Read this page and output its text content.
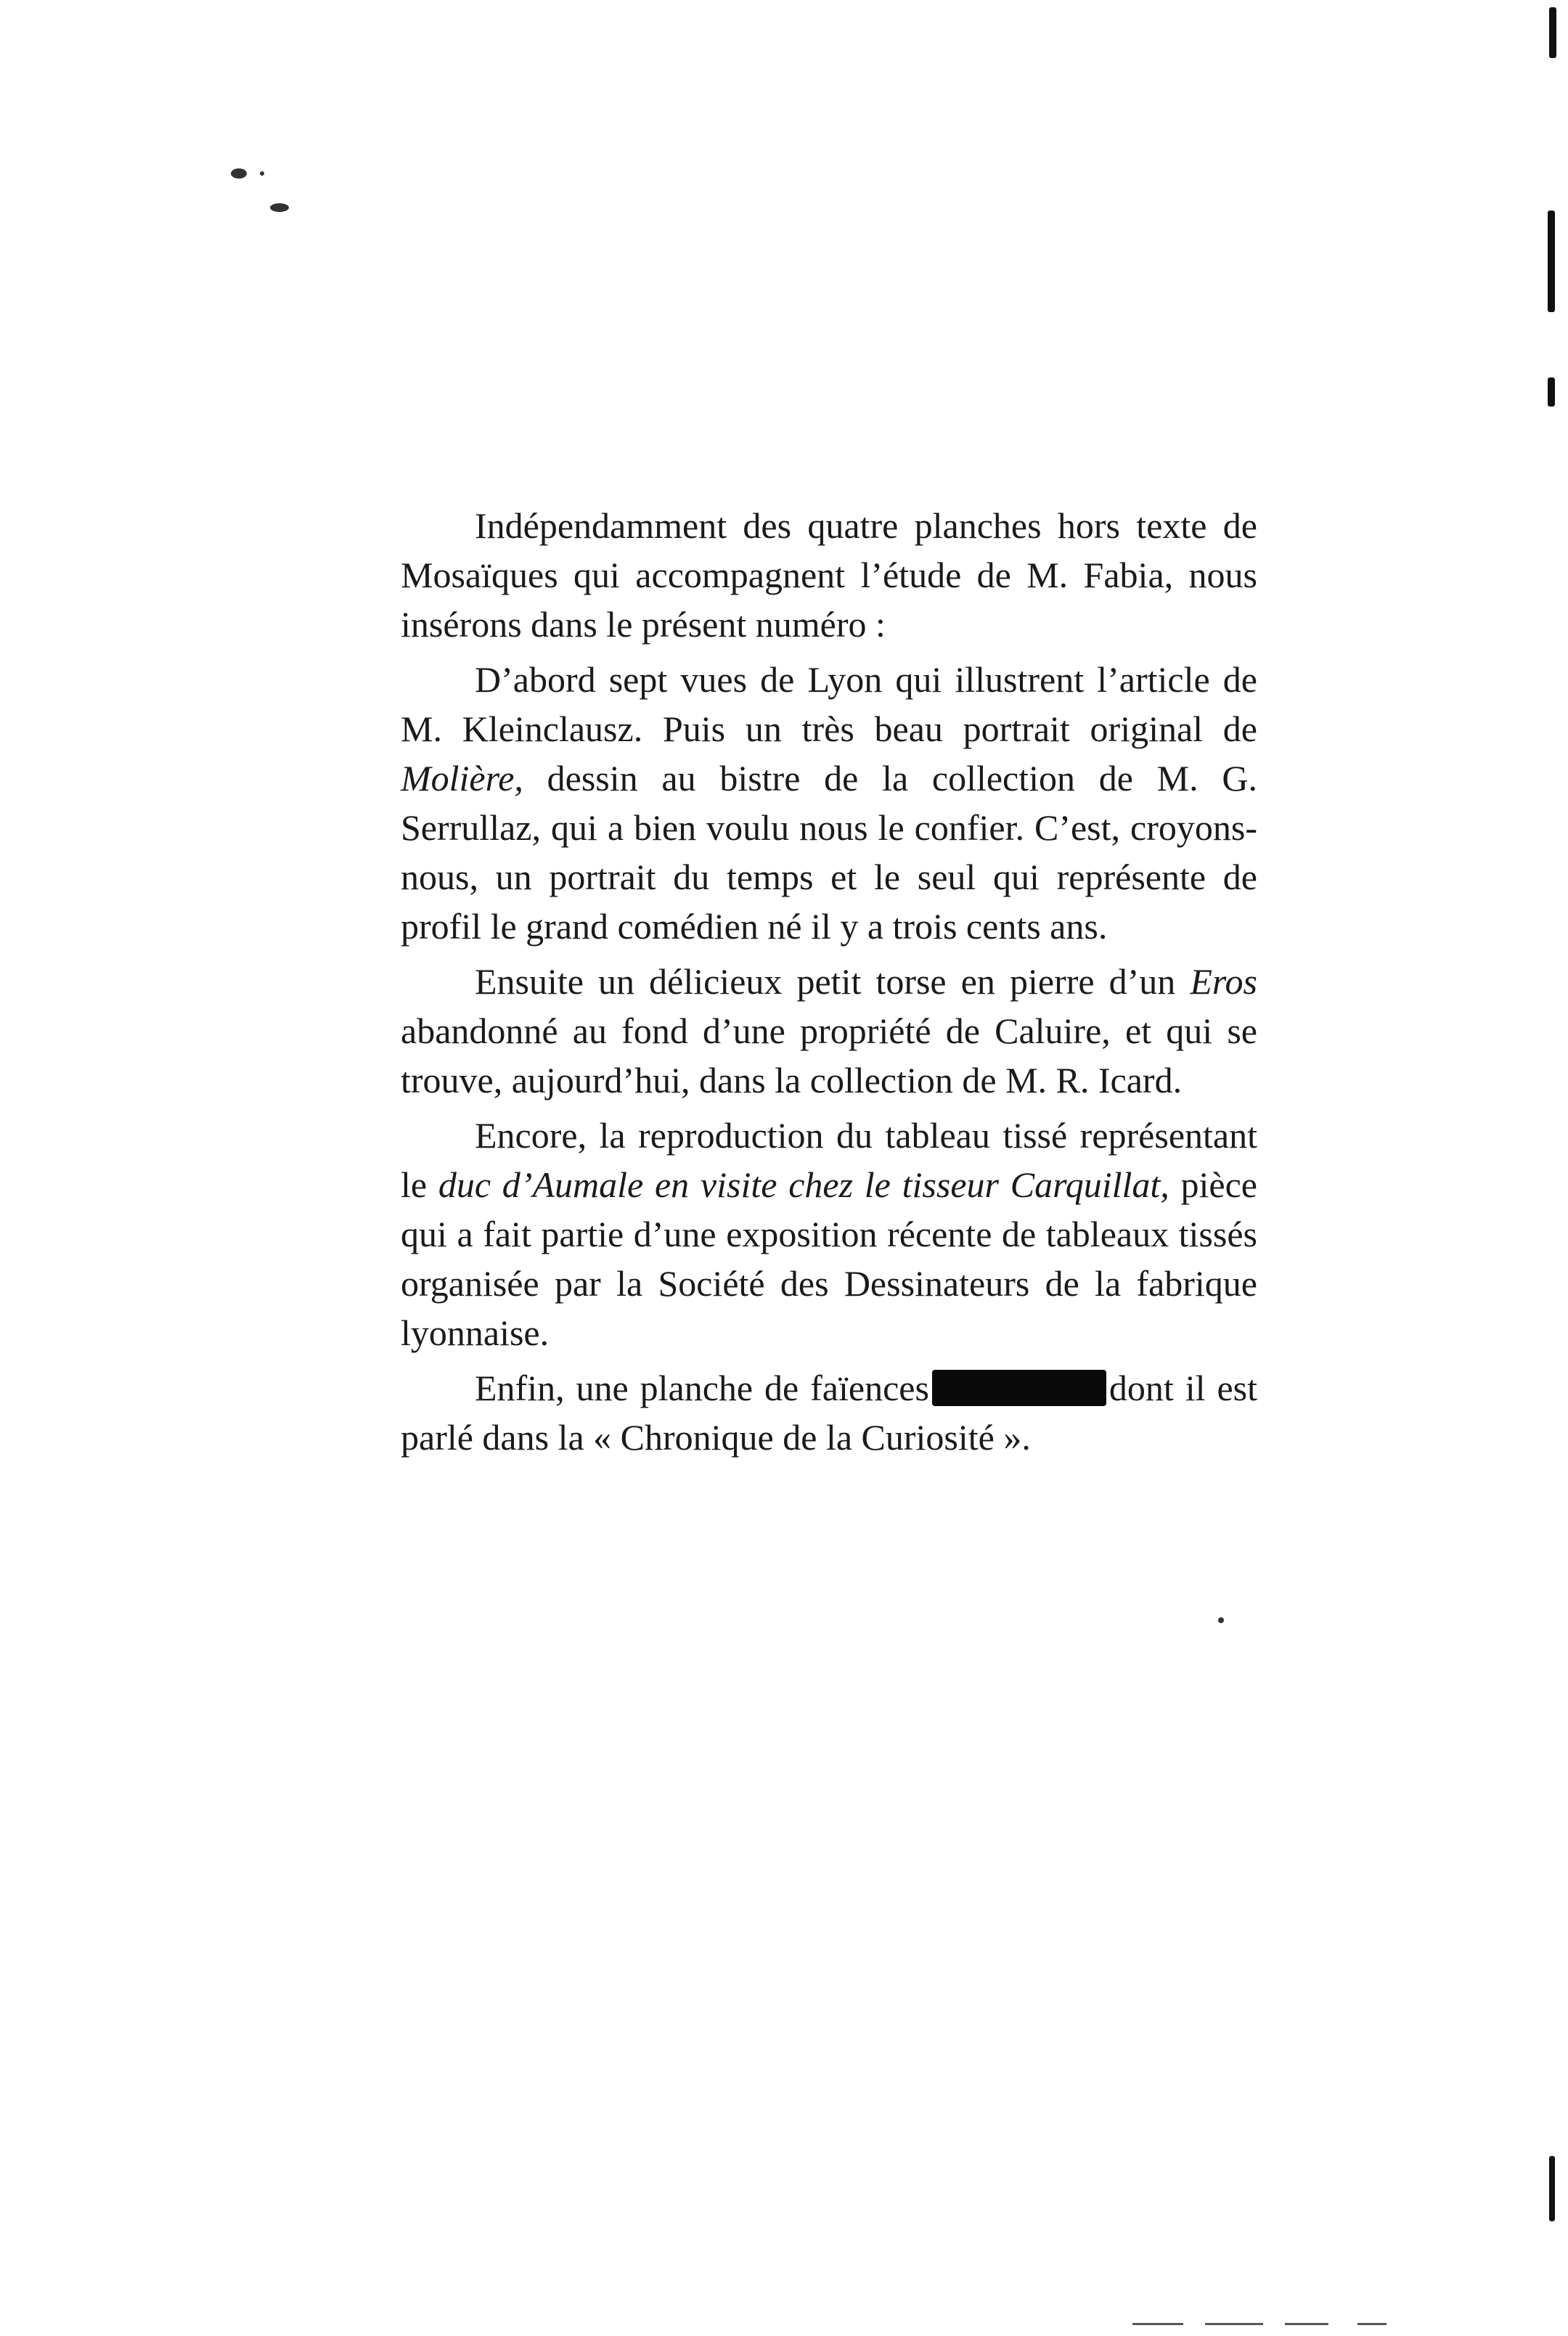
Indépendamment des quatre planches hors texte de Mosaïques qui accompagnent l’étude de M. Fabia, nous insérons dans le présent numéro :

D’abord sept vues de Lyon qui illustrent l’article de M. Kleinclausz. Puis un très beau portrait original de Molière, dessin au bistre de la collection de M. G. Serrullaz, qui a bien voulu nous le confier. C’est, croyons-nous, un portrait du temps et le seul qui représente de profil le grand comédien né il y a trois cents ans.

Ensuite un délicieux petit torse en pierre d’un Eros abandonné au fond d’une propriété de Caluire, et qui se trouve, aujourd’hui, dans la collection de M. R. Icard.

Encore, la reproduction du tableau tissé représentant le duc d’Aumale en visite chez le tisseur Carquillat, pièce qui a fait partie d’une exposition récente de tableaux tissés organisée par la Société des Dessinateurs de la fabrique lyonnaise.

Enfin, une planche de faïences	dont il est parlé dans la « Chronique de la Curiosité ».
